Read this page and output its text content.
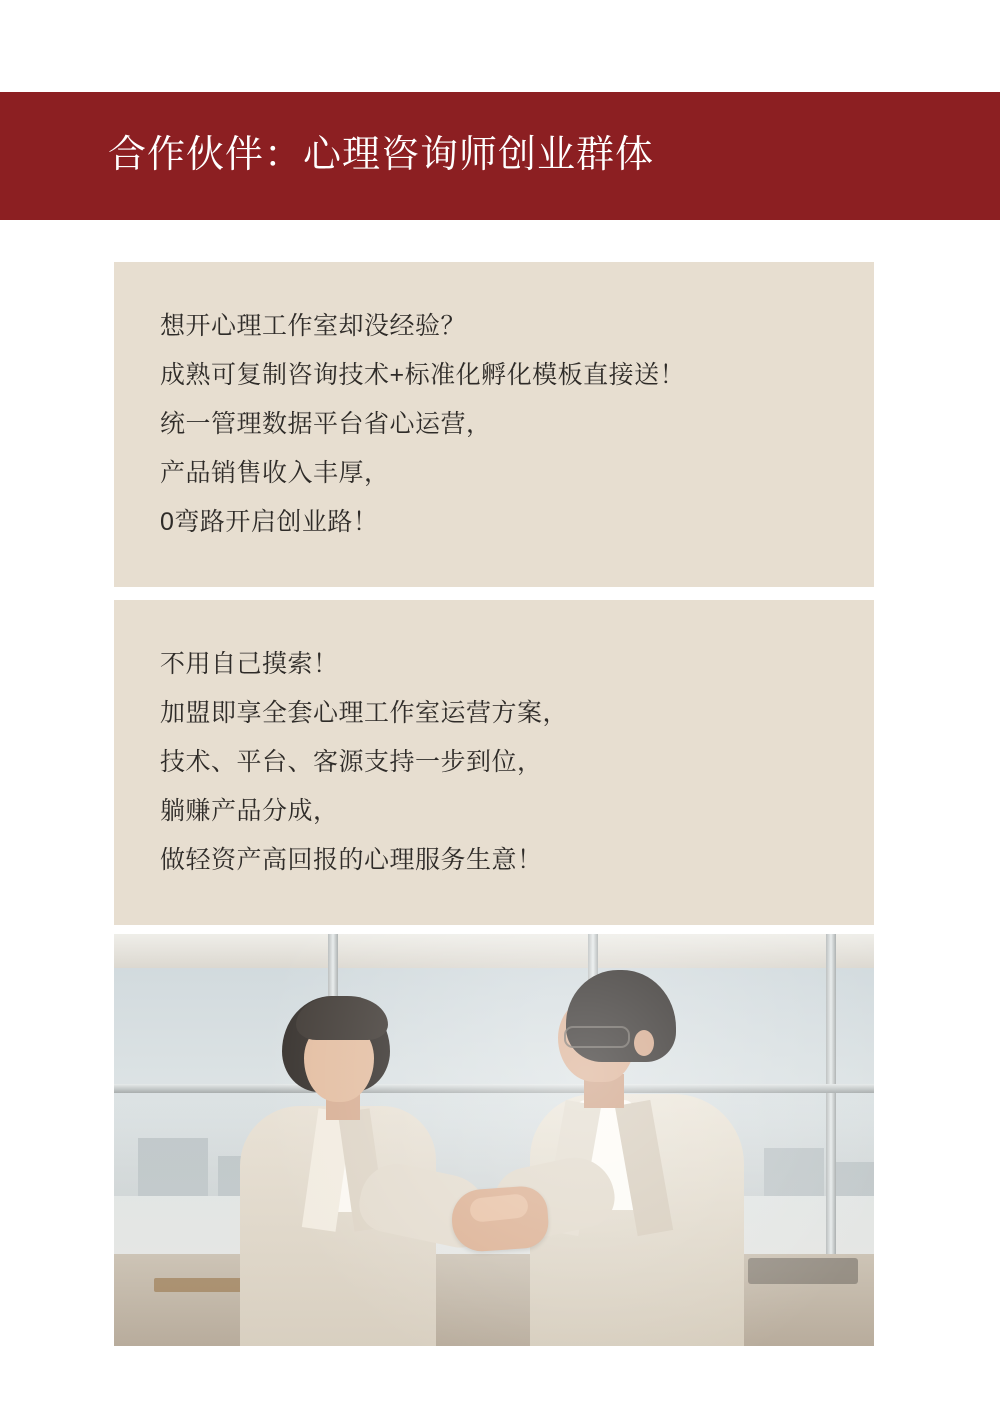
合作伙伴：心理咨询师创业群体

想开心理工作室却没经验？

成熟可复制咨询技术+标准化孵化模板直接送！

统一管理数据平台省心运营，

产品销售收入丰厚，

0弯路开启创业路！

不用自己摸索！

加盟即享全套心理工作室运营方案，

技术、平台、客源支持一步到位，

躺赚产品分成，

做轻资产高回报的心理服务生意！
